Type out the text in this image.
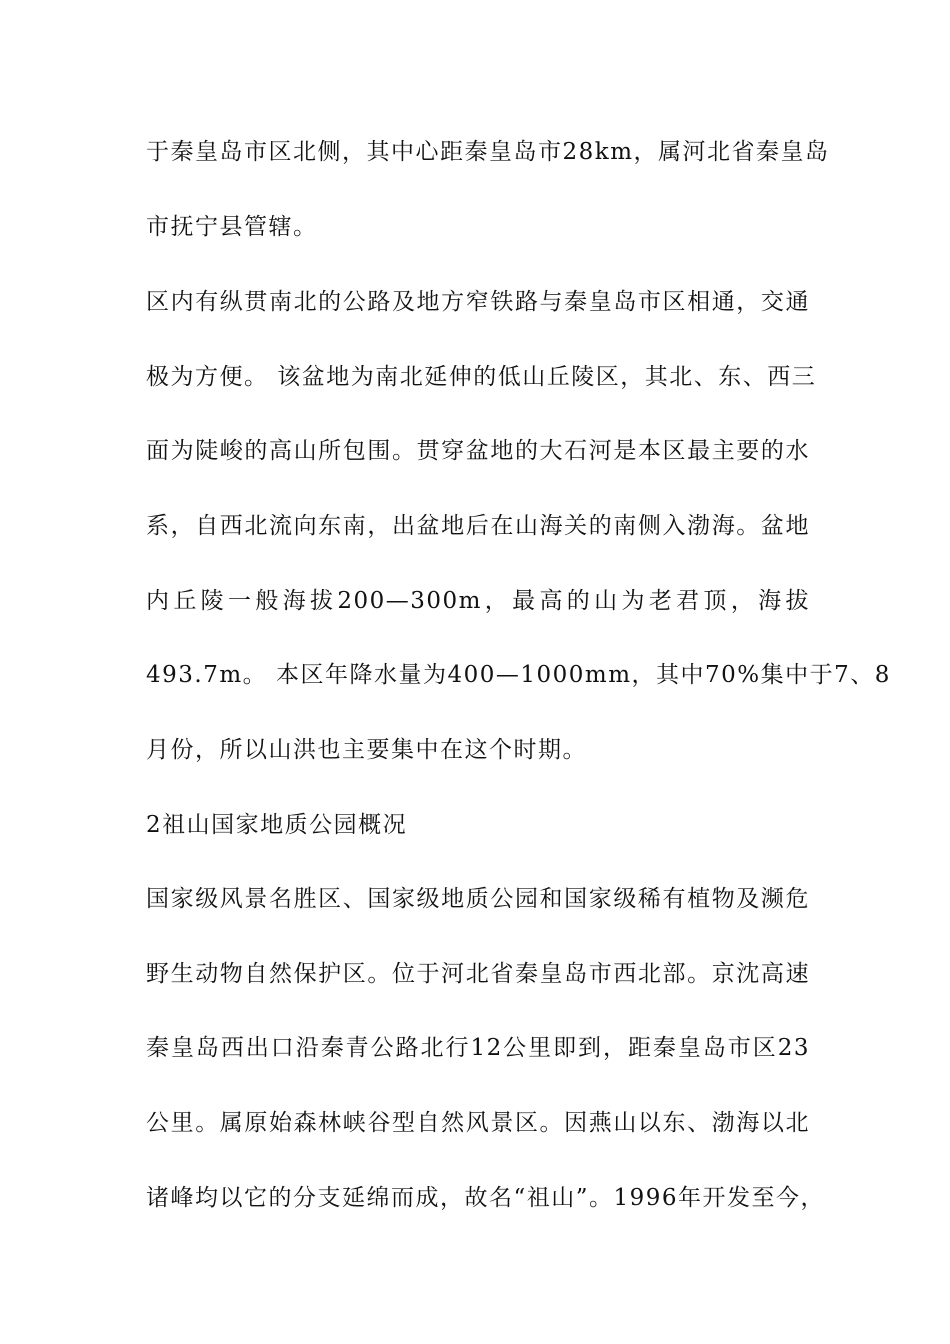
于秦皇岛市区北侧，其中心距秦皇岛市28km，属河北省秦皇岛
市抚宁县管辖。
区内有纵贯南北的公路及地方窄铁路与秦皇岛市区相通，交通
极为方便。 该盆地为南北延伸的低山丘陵区，其北、东、西三
面为陡峻的高山所包围。贯穿盆地的大石河是本区最主要的水
系，自西北流向东南，出盆地后在山海关的南侧入渤海。盆地
内丘陵一般海拔200—300m，最高的山为老君顶，海拔
493.7m。 本区年降水量为400—1000mm，其中70%集中于7、8
月份，所以山洪也主要集中在这个时期。
2祖山国家地质公园概况
国家级风景名胜区、国家级地质公园和国家级稀有植物及濒危
野生动物自然保护区。位于河北省秦皇岛市西北部。京沈高速
秦皇岛西出口沿秦青公路北行12公里即到，距秦皇岛市区23
公里。属原始森林峡谷型自然风景区。因燕山以东、渤海以北
诸峰均以它的分支延绵而成，故名“祖山”。1996年开发至今，
